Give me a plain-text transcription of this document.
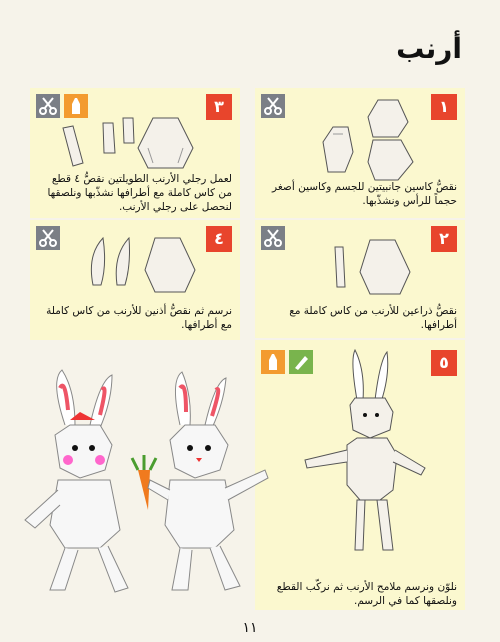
أرنب
١
نقصُّ كاسين جانبيتين للجسم وكاسين أصغر حجماً للرأس ونشذّبها.
٣
لعمل رجلي الأرنب الطويلتين نقصُّ ٤ قطع من كاس كاملة مع أطرافها نشذّبها ونلصقها لنحصل على رجلي الأرنب.
٢
نقصُّ ذراعين للأرنب من كاس كاملة مع أطرافها.
٤
نرسم ثم نقصُّ أذنين للأرنب من كاس كاملة مع أطرافها.
٥
نلوّن ونرسم ملامح الأرنب ثم نركّب القطع ونلصقها كما في الرسم.
١١
